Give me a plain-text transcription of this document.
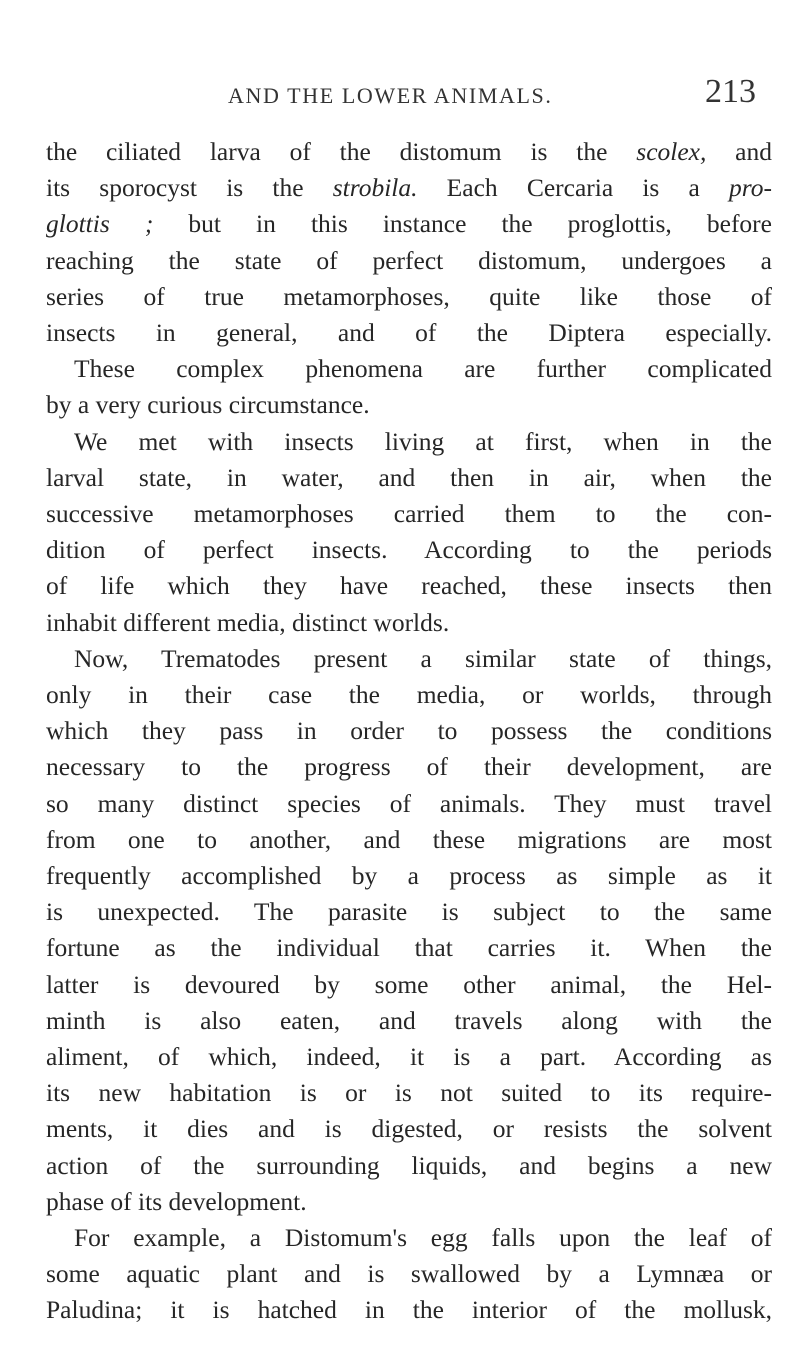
AND THE LOWER ANIMALS.	213
the ciliated larva of the distomum is the scolex, and
its sporocyst is the strobila. Each Cercaria is a pro-
glottis ; but in this instance the proglottis, before
reaching the state of perfect distomum, undergoes a
series of true metamorphoses, quite like those of
insects in general, and of the Diptera especially.
These complex phenomena are further complicated
by a very curious circumstance.
We met with insects living at first, when in the
larval state, in water, and then in air, when the
successive metamorphoses carried them to the con-
dition of perfect insects. According to the periods
of life which they have reached, these insects then
inhabit different media, distinct worlds.
Now, Trematodes present a similar state of things,
only in their case the media, or worlds, through
which they pass in order to possess the conditions
necessary to the progress of their development, are
so many distinct species of animals. They must travel
from one to another, and these migrations are most
frequently accomplished by a process as simple as it
is unexpected. The parasite is subject to the same
fortune as the individual that carries it. When the
latter is devoured by some other animal, the Hel-
minth is also eaten, and travels along with the
aliment, of which, indeed, it is a part. According as
its new habitation is or is not suited to its require-
ments, it dies and is digested, or resists the solvent
action of the surrounding liquids, and begins a new
phase of its development.
For example, a Distomum's egg falls upon the leaf of
some aquatic plant and is swallowed by a Lymnæa or
Paludina; it is hatched in the interior of the mollusk,
